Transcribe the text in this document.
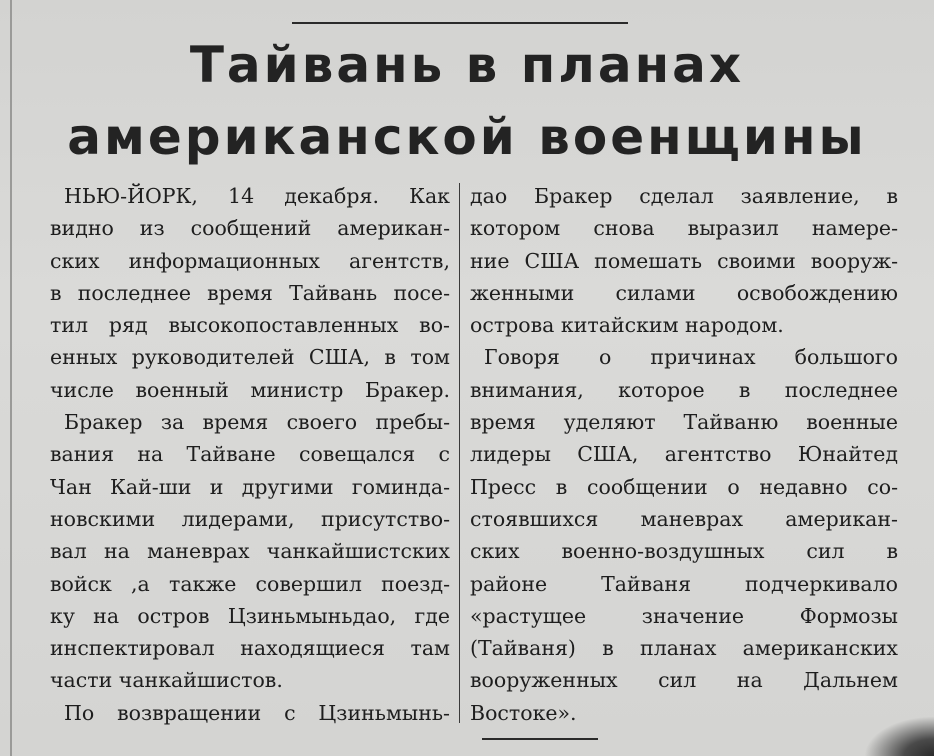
Тайвань в планах
американской военщины
НЬЮ-ЙОРК, 14 декабря. Как
видно из сообщений американ-
ских информационных агентств,
в последнее время Тайвань посе-
тил ряд высокопоставленных во-
енных руководителей США, в том
числе военный министр Бракер.
Бракер за время своего пребы-
вания на Тайване совещался с
Чан Кай-ши и другими гоминда-
новскими лидерами, присутство-
вал на маневрах чанкайшистских
войск ,а также совершил поезд-
ку на остров Цзиньмыньдао, где
инспектировал находящиеся там
части чанкайшистов.
По возвращении с Цзиньмынь-
дао Бракер сделал заявление, в
котором снова выразил намере-
ние США помешать своими вооруж-
женными силами освобождению
острова китайским народом.
Говоря о причинах большого
внимания, которое в последнее
время уделяют Тайваню военные
лидеры США, агентство Юнайтед
Пресс в сообщении о недавно со-
стоявшихся маневрах американ-
ских военно-воздушных сил в
районе Тайваня подчеркивало
«растущее значение Формозы
(Тайваня) в планах американских
вооруженных сил на Дальнем
Востоке».
